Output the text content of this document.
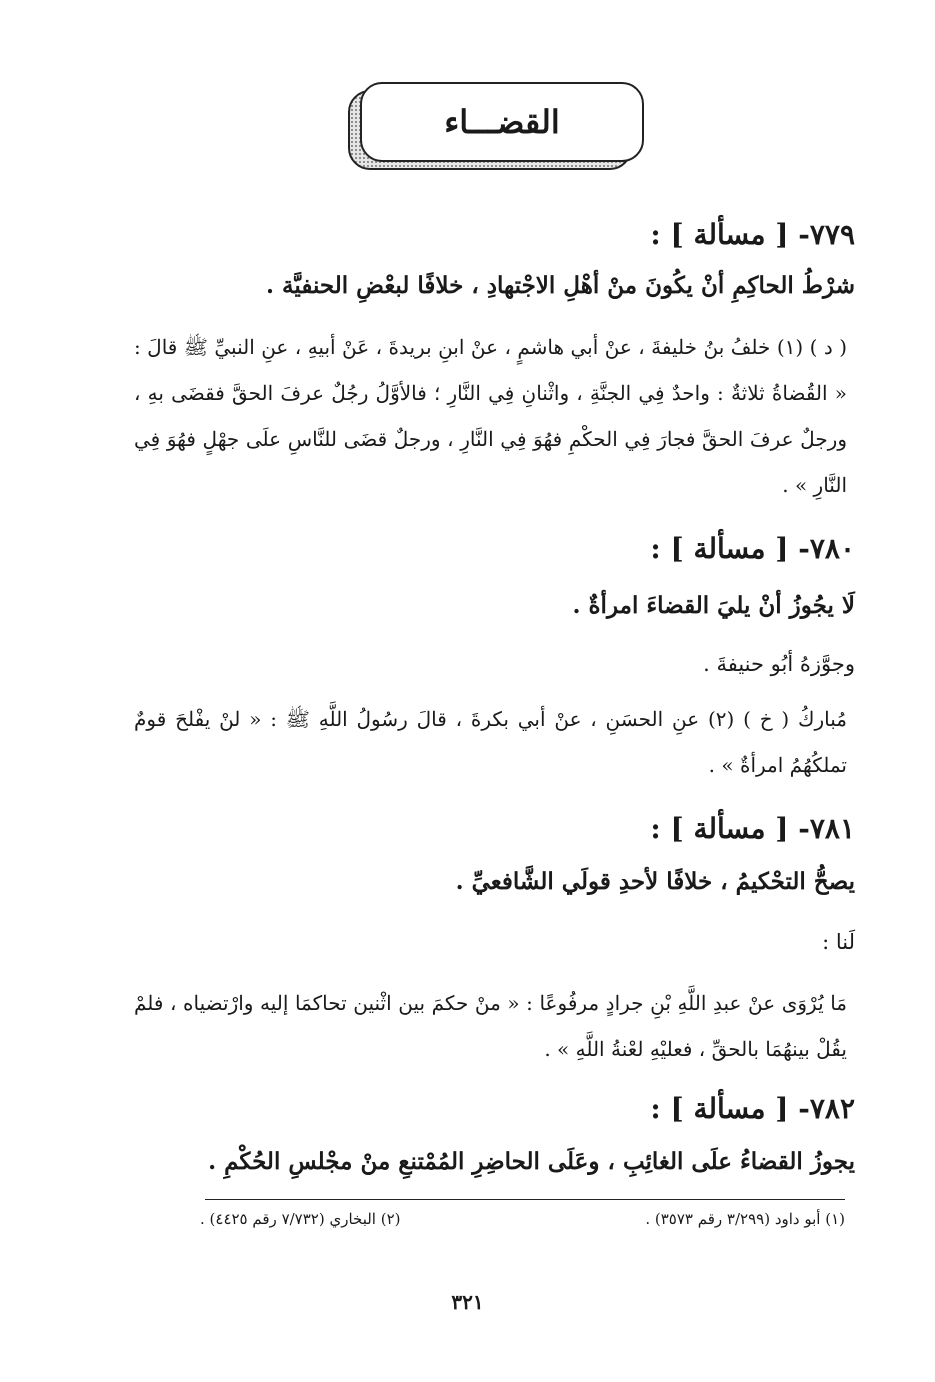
القضـــاء
٧٧٩- [ مسألة ] :
شرْطُ الحاكِمِ أنْ يكُونَ منْ أهْلِ الاجْتهادِ ، خلافًا لبعْضِ الحنفيَّة .
( د ) (١) خلفُ بنُ خليفةَ ، عنْ أبي هاشمٍ ، عنْ ابنِ بريدةَ ، عَنْ أبيهِ ، عنِ النبيِّ ﷺ قالَ : « القُضاةُ ثلاثةٌ : واحدٌ فِي الجنَّةِ ، واثْنانِ فِي النَّارِ ؛ فالأوَّلُ رجُلٌ عرفَ الحقَّ فقضَى بهِ ، ورجلٌ عرفَ الحقَّ فجارَ فِي الحكْمِ فهُوَ فِي النَّارِ ، ورجلٌ قضَى للنَّاسِ علَى جهْلٍ فهُوَ فِي النَّارِ » .
٧٨٠- [ مسألة ] :
لَا يجُوزُ أنْ يليَ القضاءَ امرأةٌ .
وجوَّزهُ أبُو حنيفةَ .
مُباركُ ( خ ) (٢) عنِ الحسَنِ ، عنْ أبي بكرةَ ، قالَ رسُولُ اللَّهِ ﷺ : « لنْ يفْلحَ قومٌ تملكُهُمُ امرأةٌ » .
٧٨١- [ مسألة ] :
يصحُّ التحْكيمُ ، خلافًا لأحدِ قولَي الشَّافعيِّ .
لَنا :
مَا يُرْوَى عنْ عبدِ اللَّهِ بْنِ جرادٍ مرفُوعًا : « منْ حكمَ بين اثْنين تحاكمَا إليه وارْتضياه ، فلمْ يقُلْ بينهُمَا بالحقِّ ، فعليْهِ لعْنةُ اللَّهِ » .
٧٨٢- [ مسألة ] :
يجوزُ القضاءُ علَى الغائِبِ ، وعَلَى الحاضِرِ المُمْتنعِ منْ مجْلسِ الحُكْمِ .
(١) أبو داود (٣/٢٩٩ رقم ٣٥٧٣) .
(٢) البخاري (٧/٧٣٢ رقم ٤٤٢٥) .
٣٢١
